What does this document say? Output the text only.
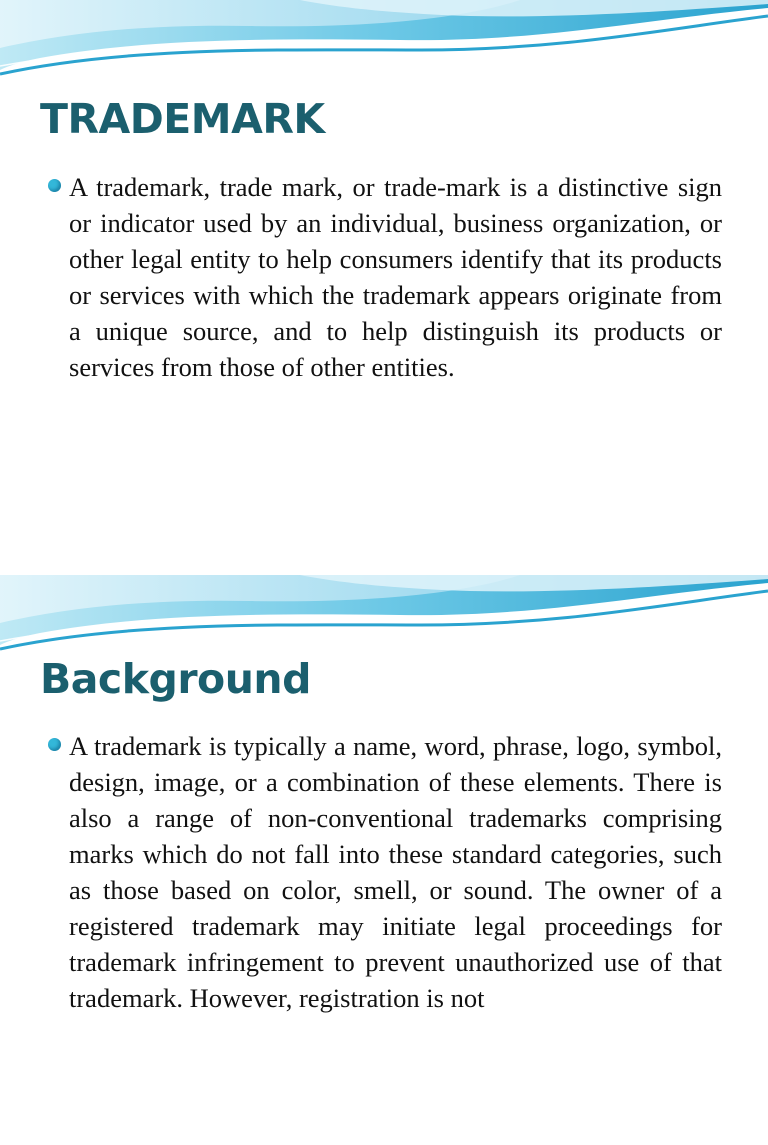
TRADEMARK

A trademark, trade mark, or trade-mark is a distinctive sign or indicator used by an individual, business organization, or other legal entity to help consumers identify that its products or services with which the trademark appears originate from a unique source, and to help distinguish its products or services from those of other entities.

Background

A trademark is typically a name, word, phrase, logo, symbol, design, image, or a combination of these elements. There is also a range of non-conventional trademarks comprising marks which do not fall into these standard categories, such as those based on color, smell, or sound. The owner of a registered trademark may initiate legal proceedings for trademark infringement to prevent unauthorized use of that trademark. However, registration is not
